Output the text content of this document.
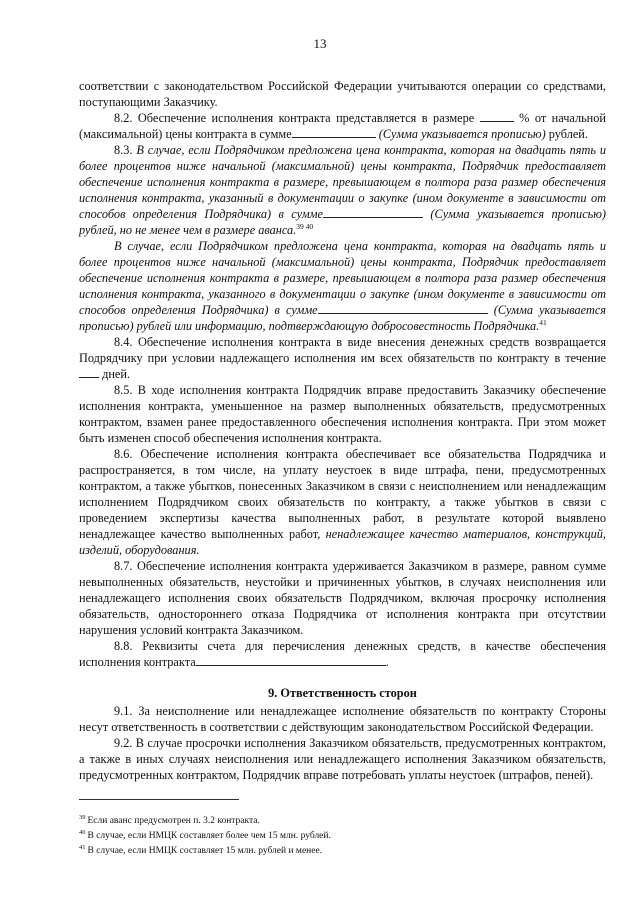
13

соответствии с законодательством Российской Федерации учитываются операции со средствами, поступающими Заказчику.

8.2. Обеспечение исполнения контракта представляется в размере	% от начальной (максимальной) цены контракта в сумме	(Сумма указывается прописью) рублей.

8.3. В случае, если Подрядчиком предложена цена контракта, которая на двадцать пять и более процентов ниже начальной (максимальной) цены контракта, Подрядчик предоставляет обеспечение исполнения контракта в размере, превышающем в полтора раза размер обеспечения исполнения контракта, указанный в документации о закупке (ином документе в зависимости от способов определения Подрядчика) в сумме	(Сумма указывается прописью) рублей, но не менее чем в размере аванса.$^{39 40}$

В случае, если Подрядчиком предложена цена контракта, которая на двадцать пять и более процентов ниже начальной (максимальной) цены контракта, Подрядчик предоставляет обеспечение исполнения контракта в размере, превышающем в полтора раза размер обеспечения исполнения контракта, указанного в документации о закупке (ином документе в зависимости от способов определения Подрядчика) в сумме	(Сумма указывается прописью) рублей или информацию, подтверждающую добросовестность Подрядчика.$^{41}$

8.4. Обеспечение исполнения контракта в виде внесения денежных средств возвращается Подрядчику при условии надлежащего исполнения им всех обязательств по контракту в течение  дней.

8.5. В ходе исполнения контракта Подрядчик вправе предоставить Заказчику обеспечение исполнения контракта, уменьшенное на размер выполненных обязательств, предусмотренных контрактом, взамен ранее предоставленного обеспечения исполнения контракта. При этом может быть изменен способ обеспечения исполнения контракта.

8.6. Обеспечение исполнения контракта обеспечивает все обязательства Подрядчика и распространяется, в том числе, на уплату неустоек в виде штрафа, пени, предусмотренных контрактом, а также убытков, понесенных Заказчиком в связи с неисполнением или ненадлежащим исполнением Подрядчиком своих обязательств по контракту, а также убытков в связи с проведением экспертизы качества выполненных работ, в результате которой выявлено ненадлежащее качество выполненных работ, ненадлежащее качество материалов, конструкций, изделий, оборудования.

8.7. Обеспечение исполнения контракта удерживается Заказчиком в размере, равном сумме невыполненных обязательств, неустойки и причиненных убытков, в случаях неисполнения или ненадлежащего исполнения своих обязательств Подрядчиком, включая просрочку исполнения обязательств, одностороннего отказа Подрядчика от исполнения контракта при отсутствии нарушения условий контракта Заказчиком.

8.8. Реквизиты счета для перечисления денежных средств, в качестве обеспечения исполнения контракта	.

9. Ответственность сторон

9.1. За неисполнение или ненадлежащее исполнение обязательств по контракту Стороны несут ответственность в соответствии с действующим законодательством Российской Федерации.

9.2. В случае просрочки исполнения Заказчиком обязательств, предусмотренных контрактом, а также в иных случаях неисполнения или ненадлежащего исполнения Заказчиком обязательств, предусмотренных контрактом, Подрядчик вправе потребовать уплаты неустоек (штрафов, пеней).

$^{39}$ Если аванс предусмотрен п. 3.2 контракта.
$^{40}$ В случае, если НМЦК составляет более чем 15 млн. рублей.
$^{41}$ В случае, если НМЦК составляет 15 млн. рублей и менее.
